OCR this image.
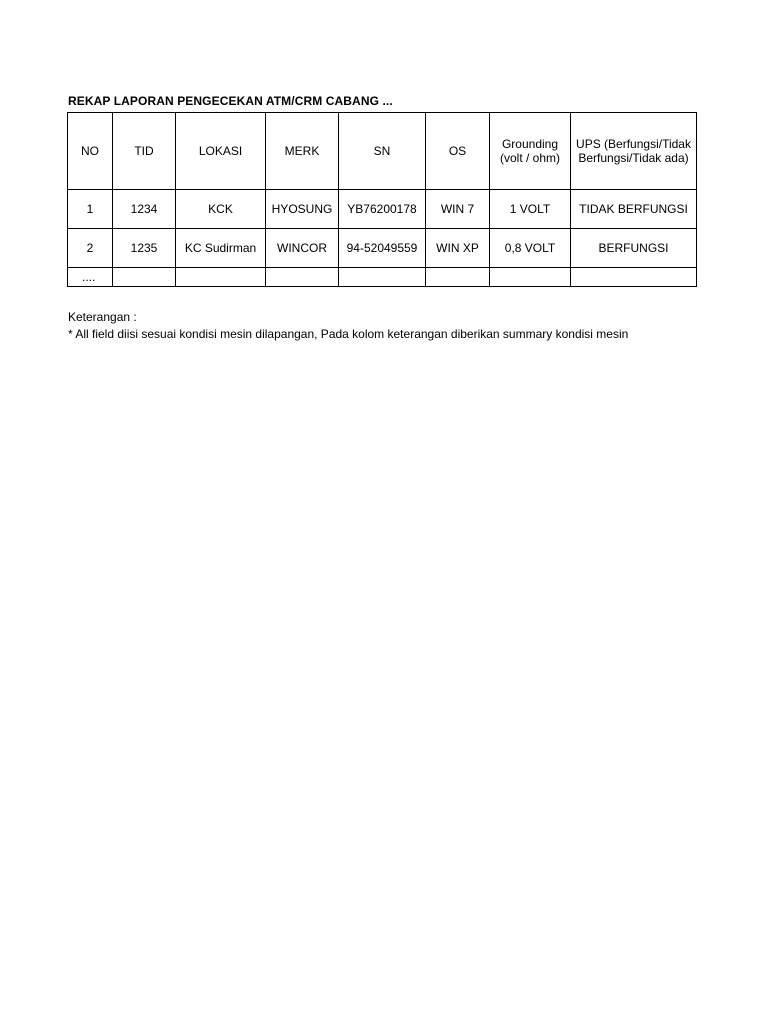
REKAP LAPORAN PENGECEKAN ATM/CRM CABANG ...
NO	TID	LOKASI	MERK	SN	OS	Grounding (volt / ohm)	UPS (Berfungsi/Tidak Berfungsi/Tidak ada)
1	1234	KCK	HYOSUNG	YB76200178	WIN 7	1 VOLT	TIDAK BERFUNGSI
2	1235	KC Sudirman	WINCOR	94-52049559	WIN XP	0,8 VOLT	BERFUNGSI
....							
Keterangan :
* All field diisi sesuai kondisi mesin dilapangan, Pada kolom keterangan diberikan summary kondisi mesin
